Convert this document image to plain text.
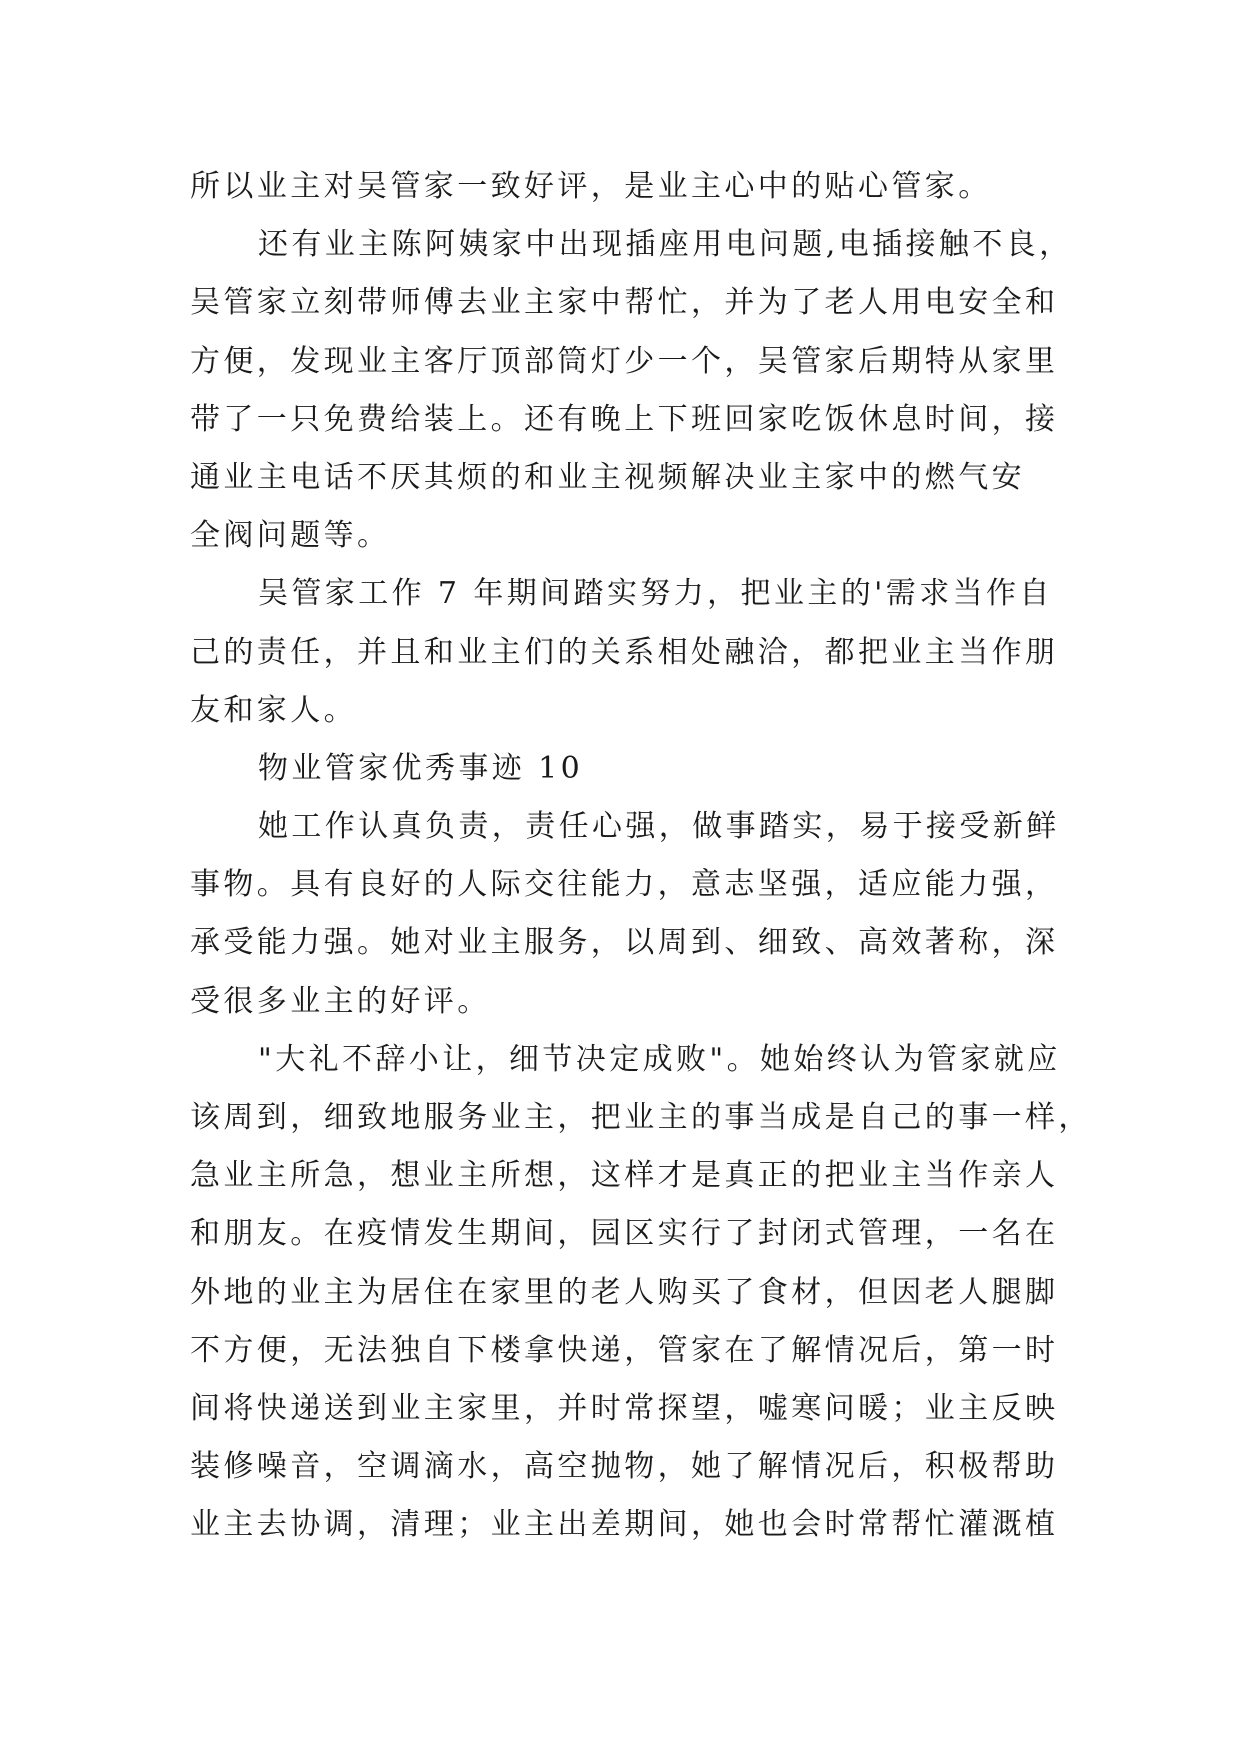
所以业主对吴管家一致好评，是业主心中的贴心管家。
还有业主陈阿姨家中出现插座用电问题,电插接触不良，
吴管家立刻带师傅去业主家中帮忙，并为了老人用电安全和
方便，发现业主客厅顶部筒灯少一个，吴管家后期特从家里
带了一只免费给装上。还有晚上下班回家吃饭休息时间，接
通业主电话不厌其烦的和业主视频解决业主家中的燃气安
全阀问题等。
吴管家工作 7 年期间踏实努力，把业主的'需求当作自
己的责任，并且和业主们的关系相处融洽，都把业主当作朋
友和家人。
物业管家优秀事迹 10
她工作认真负责，责任心强，做事踏实，易于接受新鲜
事物。具有良好的人际交往能力，意志坚强，适应能力强，
承受能力强。她对业主服务，以周到、细致、高效著称，深
受很多业主的好评。
"大礼不辞小让，细节决定成败"。她始终认为管家就应
该周到，细致地服务业主，把业主的事当成是自己的事一样，
急业主所急，想业主所想，这样才是真正的把业主当作亲人
和朋友。在疫情发生期间，园区实行了封闭式管理，一名在
外地的业主为居住在家里的老人购买了食材，但因老人腿脚
不方便，无法独自下楼拿快递，管家在了解情况后，第一时
间将快递送到业主家里，并时常探望，嘘寒问暖；业主反映
装修噪音，空调滴水，高空抛物，她了解情况后，积极帮助
业主去协调，清理；业主出差期间，她也会时常帮忙灌溉植
